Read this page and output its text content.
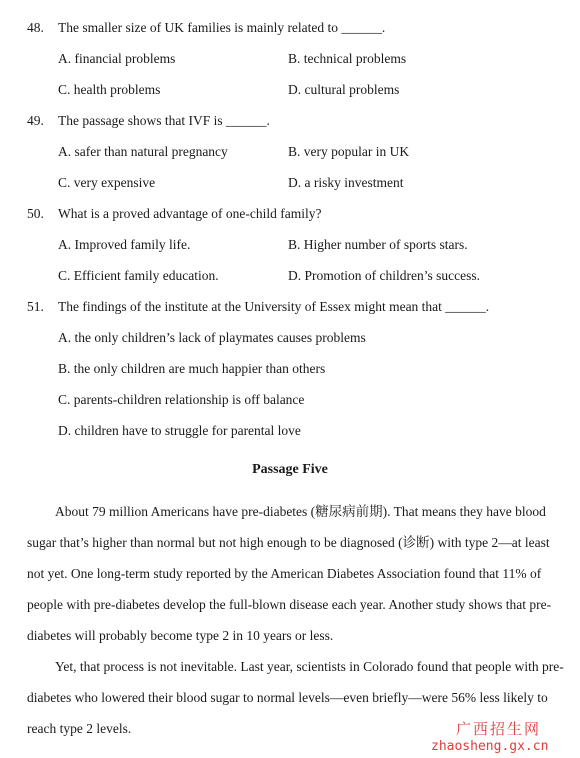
48. The smaller size of UK families is mainly related to ______.
A. financial problems	B. technical problems
C. health problems	D. cultural problems
49. The passage shows that IVF is ______.
A. safer than natural pregnancy	B. very popular in UK
C. very expensive	D. a risky investment
50. What is a proved advantage of one-child family?
A. Improved family life.	B. Higher number of sports stars.
C. Efficient family education.	D. Promotion of children’s success.
51. The findings of the institute at the University of Essex might mean that ______.
A. the only children’s lack of playmates causes problems
B. the only children are much happier than others
C. parents-children relationship is off balance
D. children have to struggle for parental love
Passage Five
About 79 million Americans have pre-diabetes (糖尿病前期). That means they have blood
sugar that’s higher than normal but not high enough to be diagnosed (诊断) with type 2—at least
not yet. One long-term study reported by the American Diabetes Association found that 11% of
people with pre-diabetes develop the full-blown disease each year. Another study shows that pre-
diabetes will probably become type 2 in 10 years or less.
Yet, that process is not inevitable. Last year, scientists in Colorado found that people with pre-
diabetes who lowered their blood sugar to normal levels—even briefly—were 56% less likely to
reach type 2 levels.	广西招生网
zhaosheng.gx.cn
